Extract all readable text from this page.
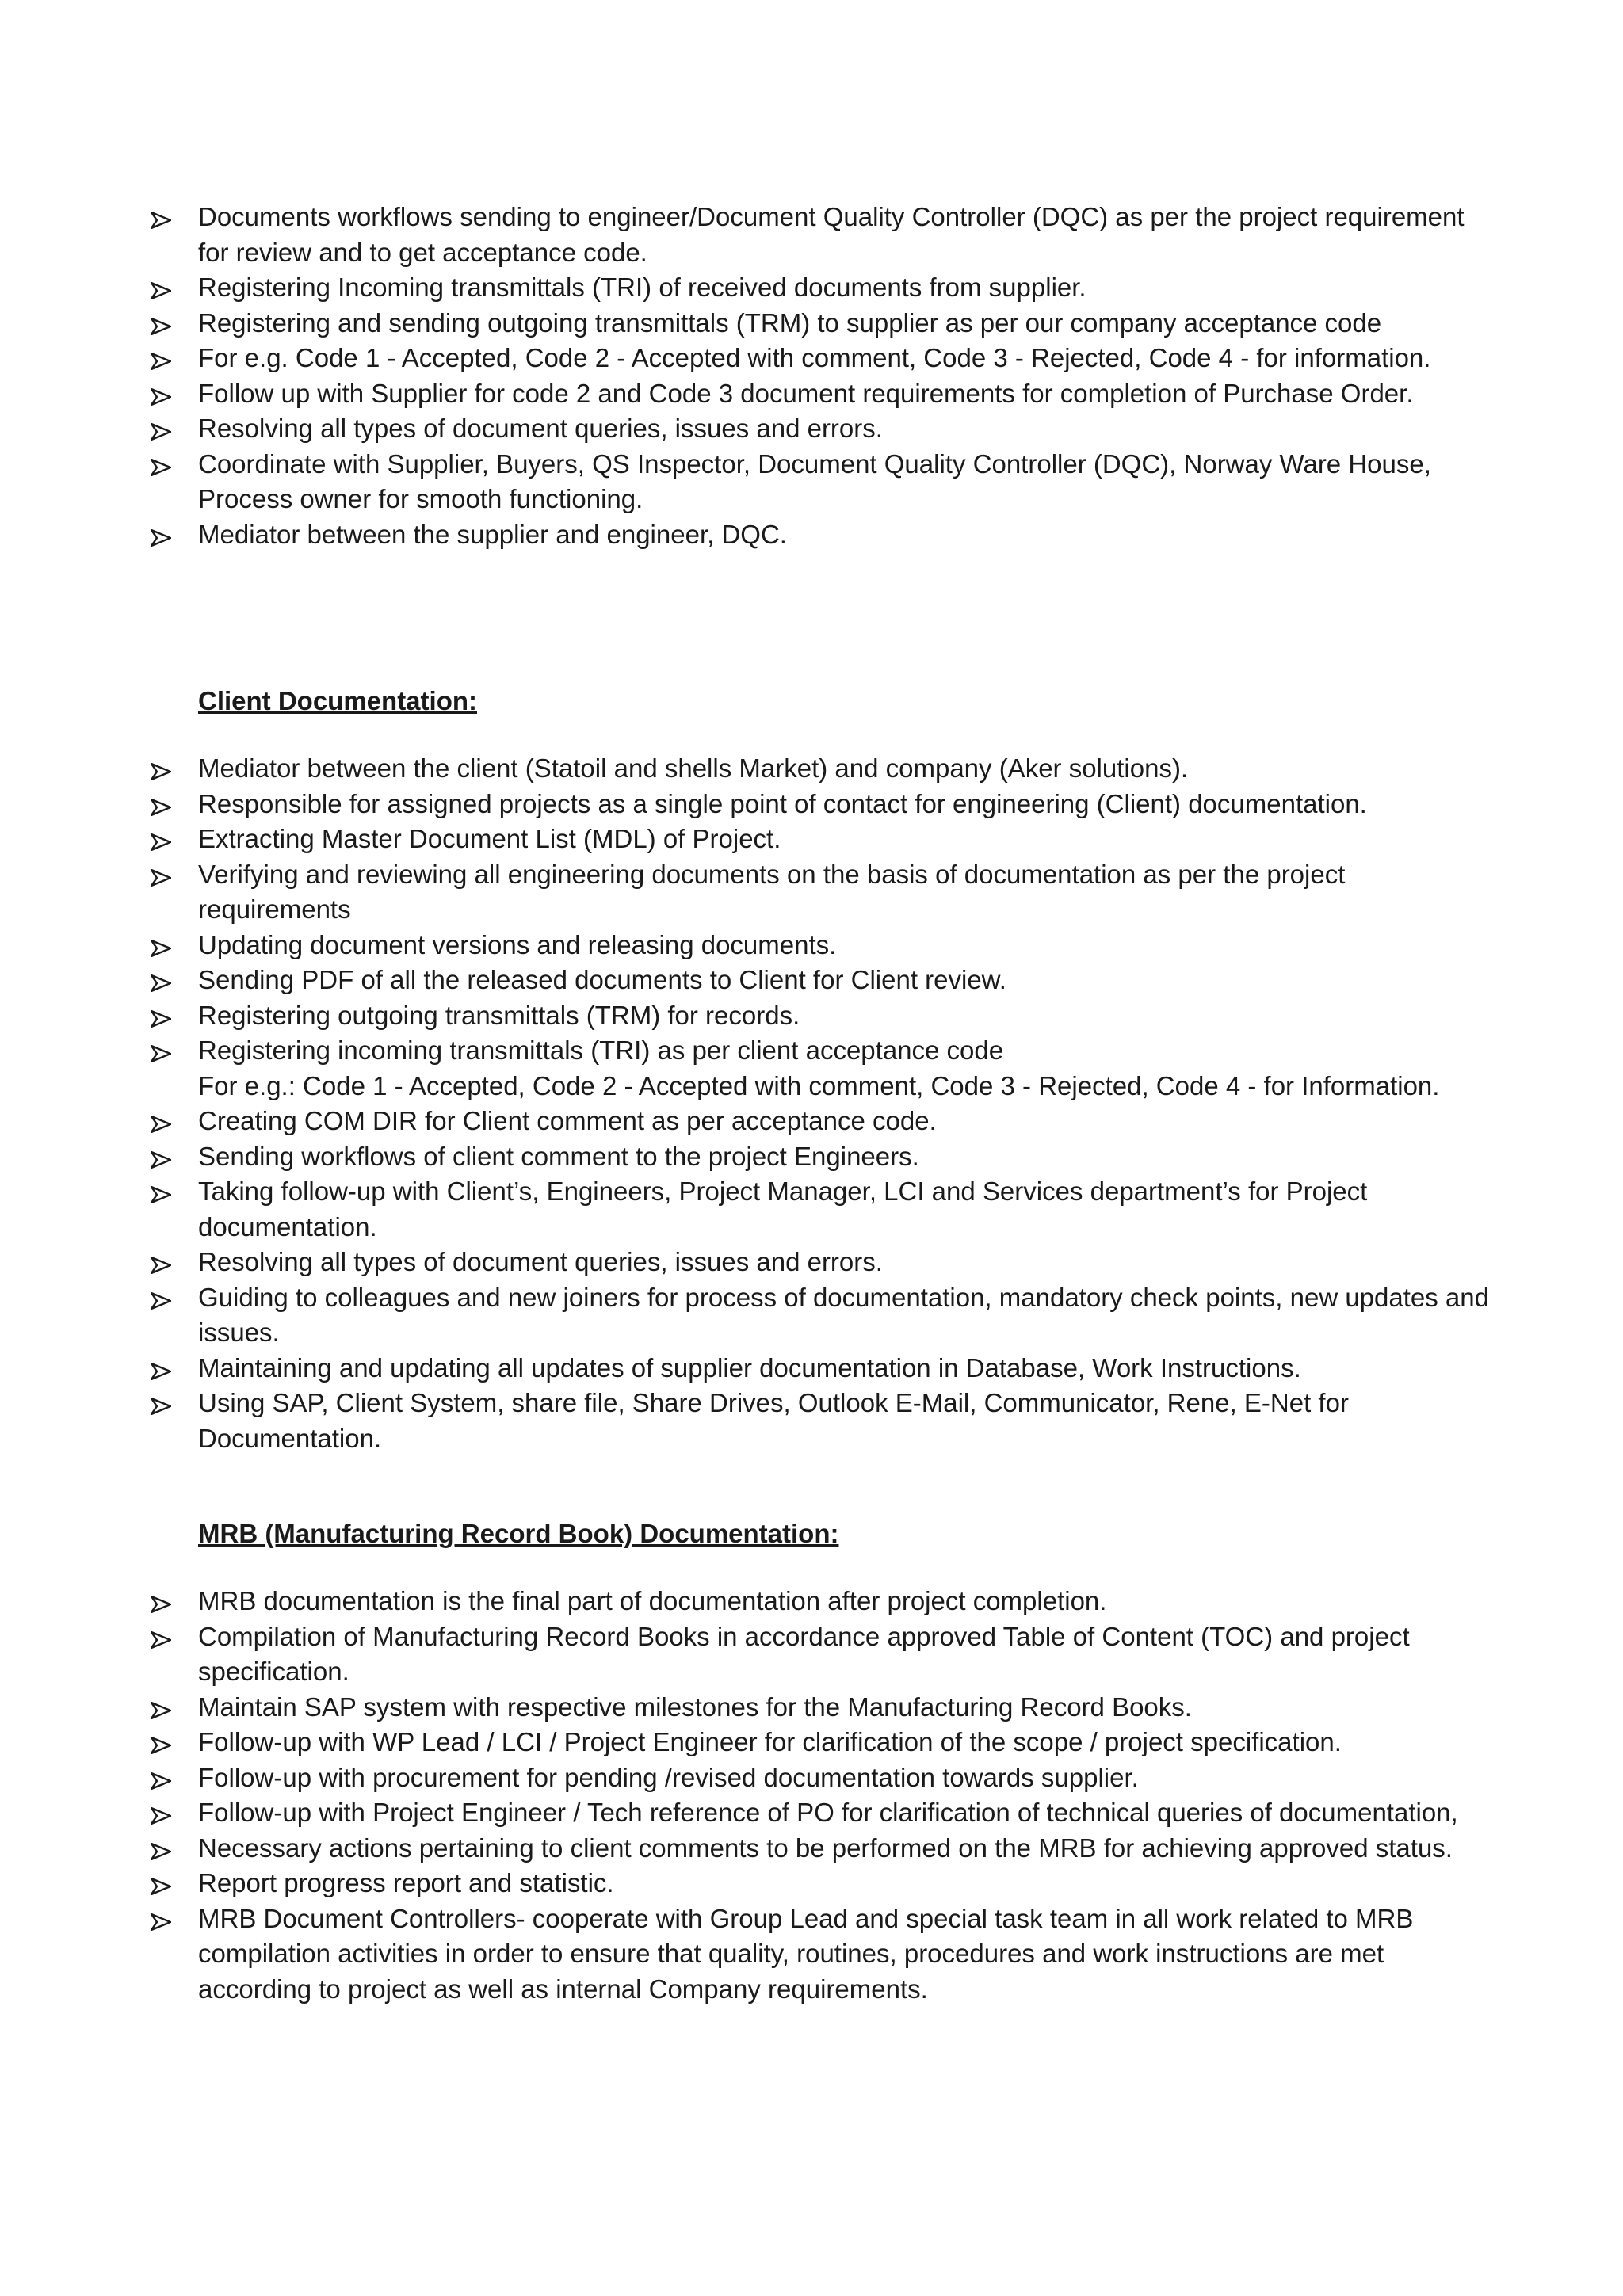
Documents workflows sending to engineer/Document Quality Controller (DQC) as per the project requirement for review and to get acceptance code.
Registering Incoming transmittals (TRI) of received documents from supplier.
Registering and sending outgoing transmittals (TRM) to supplier as per our company acceptance code
For e.g. Code 1 - Accepted, Code 2 - Accepted with comment, Code 3 - Rejected, Code 4 - for information.
Follow up with Supplier for code 2 and Code 3 document requirements for completion of Purchase Order.
Resolving all types of document queries, issues and errors.
Coordinate with Supplier, Buyers, QS Inspector, Document Quality Controller (DQC), Norway Ware House, Process owner for smooth functioning.
Mediator between the supplier and engineer, DQC.

Client Documentation:

Mediator between the client (Statoil and shells Market) and company (Aker solutions).
Responsible for assigned projects as a single point of contact for engineering (Client) documentation.
Extracting Master Document List (MDL) of Project.
Verifying and reviewing all engineering documents on the basis of documentation as per the project requirements
Updating document versions and releasing documents.
Sending PDF of all the released documents to Client for Client review.
Registering outgoing transmittals (TRM) for records.
Registering incoming transmittals (TRI) as per client acceptance code
For e.g.: Code 1 - Accepted, Code 2 - Accepted with comment, Code 3 - Rejected, Code 4 - for Information.
Creating COM DIR for Client comment as per acceptance code.
Sending workflows of client comment to the project Engineers.
Taking follow-up with Client’s, Engineers, Project Manager, LCI and Services department’s for Project documentation.
Resolving all types of document queries, issues and errors.
Guiding to colleagues and new joiners for process of documentation, mandatory check points, new updates and issues.
Maintaining and updating all updates of supplier documentation in Database, Work Instructions.
Using SAP, Client System, share file, Share Drives, Outlook E-Mail, Communicator, Rene, E-Net for Documentation.

MRB (Manufacturing Record Book) Documentation:

MRB documentation is the final part of documentation after project completion.
Compilation of Manufacturing Record Books in accordance approved Table of Content (TOC) and project specification.
Maintain SAP system with respective milestones for the Manufacturing Record Books.
Follow-up with WP Lead / LCI / Project Engineer for clarification of the scope / project specification.
Follow-up with procurement for pending /revised documentation towards supplier.
Follow-up with Project Engineer / Tech reference of PO for clarification of technical queries of documentation,
Necessary actions pertaining to client comments to be performed on the MRB for achieving approved status.
Report progress report and statistic.
MRB Document Controllers- cooperate with Group Lead and special task team in all work related to MRB compilation activities in order to ensure that quality, routines, procedures and work instructions are met according to project as well as internal Company requirements.
